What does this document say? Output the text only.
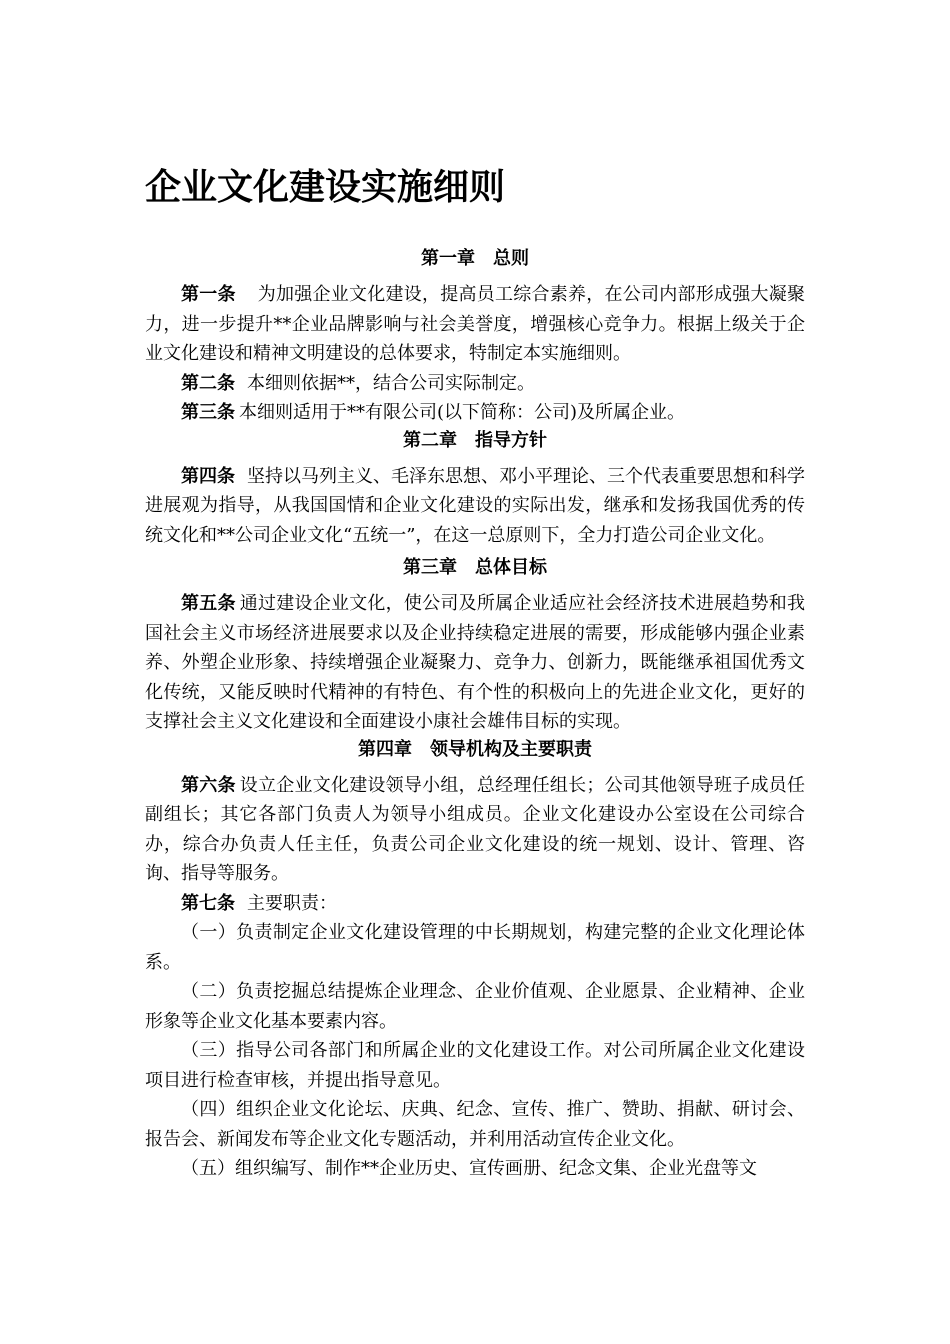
企业文化建设实施细则

第一章 总则

第一条 为加强企业文化建设，提高员工综合素养，在公司内部形成强大凝聚力，进一步提升**企业品牌影响与社会美誉度，增强核心竞争力。根据上级关于企业文化建设和精神文明建设的总体要求，特制定本实施细则。

第二条 本细则依据**，结合公司实际制定。

第三条 本细则适用于**有限公司(以下简称：公司)及所属企业。

第二章 指导方针

第四条 坚持以马列主义、毛泽东思想、邓小平理论、三个代表重要思想和科学进展观为指导，从我国国情和企业文化建设的实际出发，继承和发扬我国优秀的传统文化和**公司企业文化“五统一”，在这一总原则下，全力打造公司企业文化。

第三章 总体目标

第五条 通过建设企业文化，使公司及所属企业适应社会经济技术进展趋势和我国社会主义市场经济进展要求以及企业持续稳定进展的需要，形成能够内强企业素养、外塑企业形象、持续增强企业凝聚力、竞争力、创新力，既能继承祖国优秀文化传统，又能反映时代精神的有特色、有个性的积极向上的先进企业文化，更好的支撑社会主义文化建设和全面建设小康社会雄伟目标的实现。

第四章 领导机构及主要职责

第六条 设立企业文化建设领导小组，总经理任组长；公司其他领导班子成员任副组长；其它各部门负责人为领导小组成员。企业文化建设办公室设在公司综合办，综合办负责人任主任，负责公司企业文化建设的统一规划、设计、管理、咨询、指导等服务。

第七条 主要职责：

（一）负责制定企业文化建设管理的中长期规划，构建完整的企业文化理论体系。

（二）负责挖掘总结提炼企业理念、企业价值观、企业愿景、企业精神、企业形象等企业文化基本要素内容。

（三）指导公司各部门和所属企业的文化建设工作。对公司所属企业文化建设项目进行检查审核，并提出指导意见。

（四）组织企业文化论坛、庆典、纪念、宣传、推广、赞助、捐献、研讨会、报告会、新闻发布等企业文化专题活动，并利用活动宣传企业文化。

（五）组织编写、制作**企业历史、宣传画册、纪念文集、企业光盘等文
